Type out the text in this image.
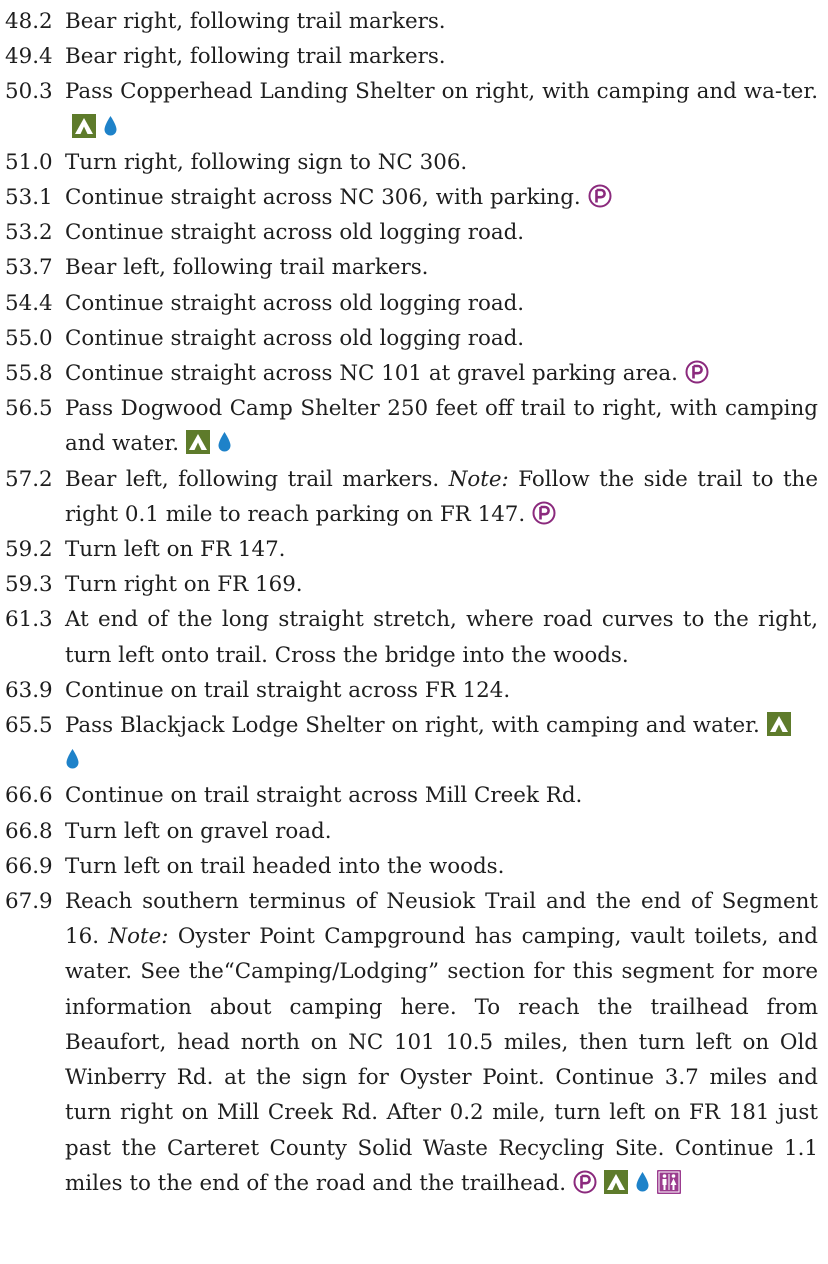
48.2 Bear right, following trail markers.
49.4 Bear right, following trail markers.
50.3 Pass Copperhead Landing Shelter on right, with camping and wa-ter.
51.0 Turn right, following sign to NC 306.
53.1 Continue straight across NC 306, with parking.
53.2 Continue straight across old logging road.
53.7 Bear left, following trail markers.
54.4 Continue straight across old logging road.
55.0 Continue straight across old logging road.
55.8 Continue straight across NC 101 at gravel parking area.
56.5 Pass Dogwood Camp Shelter 250 feet off trail to right, with camping and water.
57.2 Bear left, following trail markers. Note: Follow the side trail to the right 0.1 mile to reach parking on FR 147.
59.2 Turn left on FR 147.
59.3 Turn right on FR 169.
61.3 At end of the long straight stretch, where road curves to the right, turn left onto trail. Cross the bridge into the woods.
63.9 Continue on trail straight across FR 124.
65.5 Pass Blackjack Lodge Shelter on right, with camping and water.

66.6 Continue on trail straight across Mill Creek Rd.
66.8 Turn left on gravel road.
66.9 Turn left on trail headed into the woods.
67.9 Reach southern terminus of Neusiok Trail and the end of Segment 16. Note: Oyster Point Campground has camping, vault toilets, and water. See the“Camping/Lodging” section for this segment for more information about camping here. To reach the trailhead from Beaufort, head north on NC 101 10.5 miles, then turn left on Old Winberry Rd. at the sign for Oyster Point. Continue 3.7 miles and turn right on Mill Creek Rd. After 0.2 mile, turn left on FR 181 just past the Carteret County Solid Waste Recycling Site. Continue 1.1 miles to the end of the road and the trailhead.
